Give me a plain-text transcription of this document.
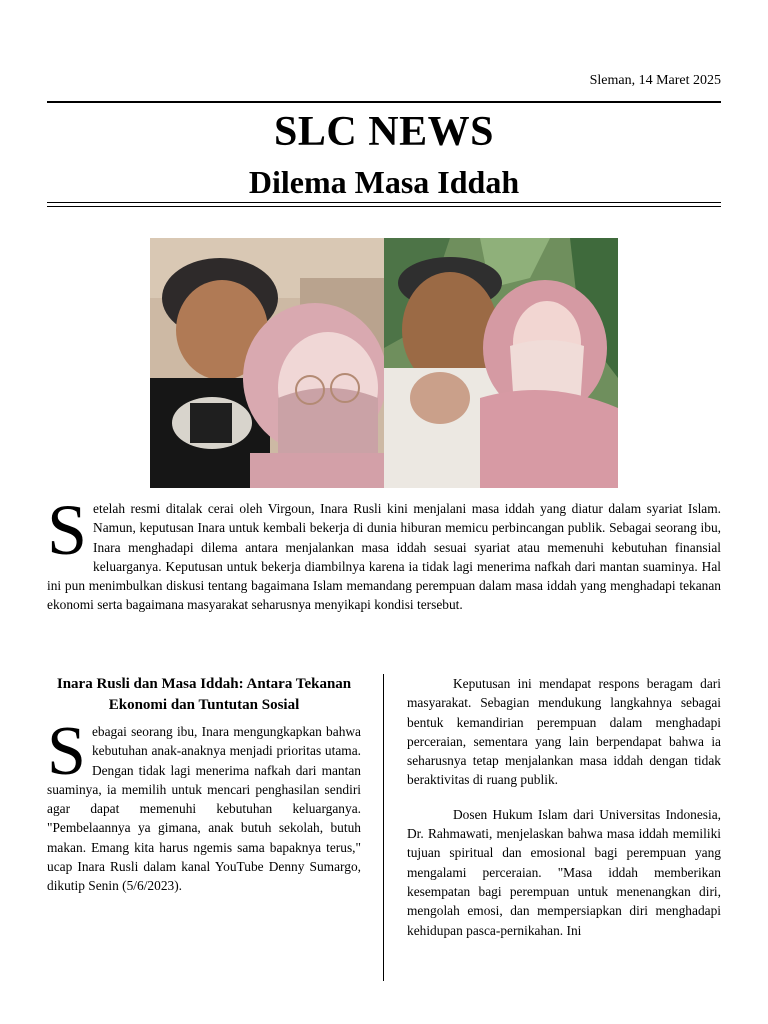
Sleman, 14 Maret 2025
SLC NEWS
Dilema Masa Iddah

Setelah resmi ditalak cerai oleh Virgoun, Inara Rusli kini menjalani masa iddah yang diatur dalam syariat Islam. Namun, keputusan Inara untuk kembali bekerja di dunia hiburan memicu perbincangan publik. Sebagai seorang ibu, Inara menghadapi dilema antara menjalankan masa iddah sesuai syariat atau memenuhi kebutuhan finansial keluarganya. Keputusan untuk bekerja diambilnya karena ia tidak lagi menerima nafkah dari mantan suaminya. Hal ini pun menimbulkan diskusi tentang bagaimana Islam memandang perempuan dalam masa iddah yang menghadapi tekanan ekonomi serta bagaimana masyarakat seharusnya menyikapi kondisi tersebut.

Inara Rusli dan Masa Iddah: Antara Tekanan Ekonomi dan Tuntutan Sosial

Sebagai seorang ibu, Inara mengungkapkan bahwa kebutuhan anak-anaknya menjadi prioritas utama. Dengan tidak lagi menerima nafkah dari mantan suaminya, ia memilih untuk mencari penghasilan sendiri agar dapat memenuhi kebutuhan keluarganya. "Pembelaannya ya gimana, anak butuh sekolah, butuh makan. Emang kita harus ngemis sama bapaknya terus," ucap Inara Rusli dalam kanal YouTube Denny Sumargo, dikutip Senin (5/6/2023).

Keputusan ini mendapat respons beragam dari masyarakat. Sebagian mendukung langkahnya sebagai bentuk kemandirian perempuan dalam menghadapi perceraian, sementara yang lain berpendapat bahwa ia seharusnya tetap menjalankan masa iddah dengan tidak beraktivitas di ruang publik.

Dosen Hukum Islam dari Universitas Indonesia, Dr. Rahmawati, menjelaskan bahwa masa iddah memiliki tujuan spiritual dan emosional bagi perempuan yang mengalami perceraian. "Masa iddah memberikan kesempatan bagi perempuan untuk menenangkan diri, mengolah emosi, dan mempersiapkan diri menghadapi kehidupan pasca-pernikahan. Ini
